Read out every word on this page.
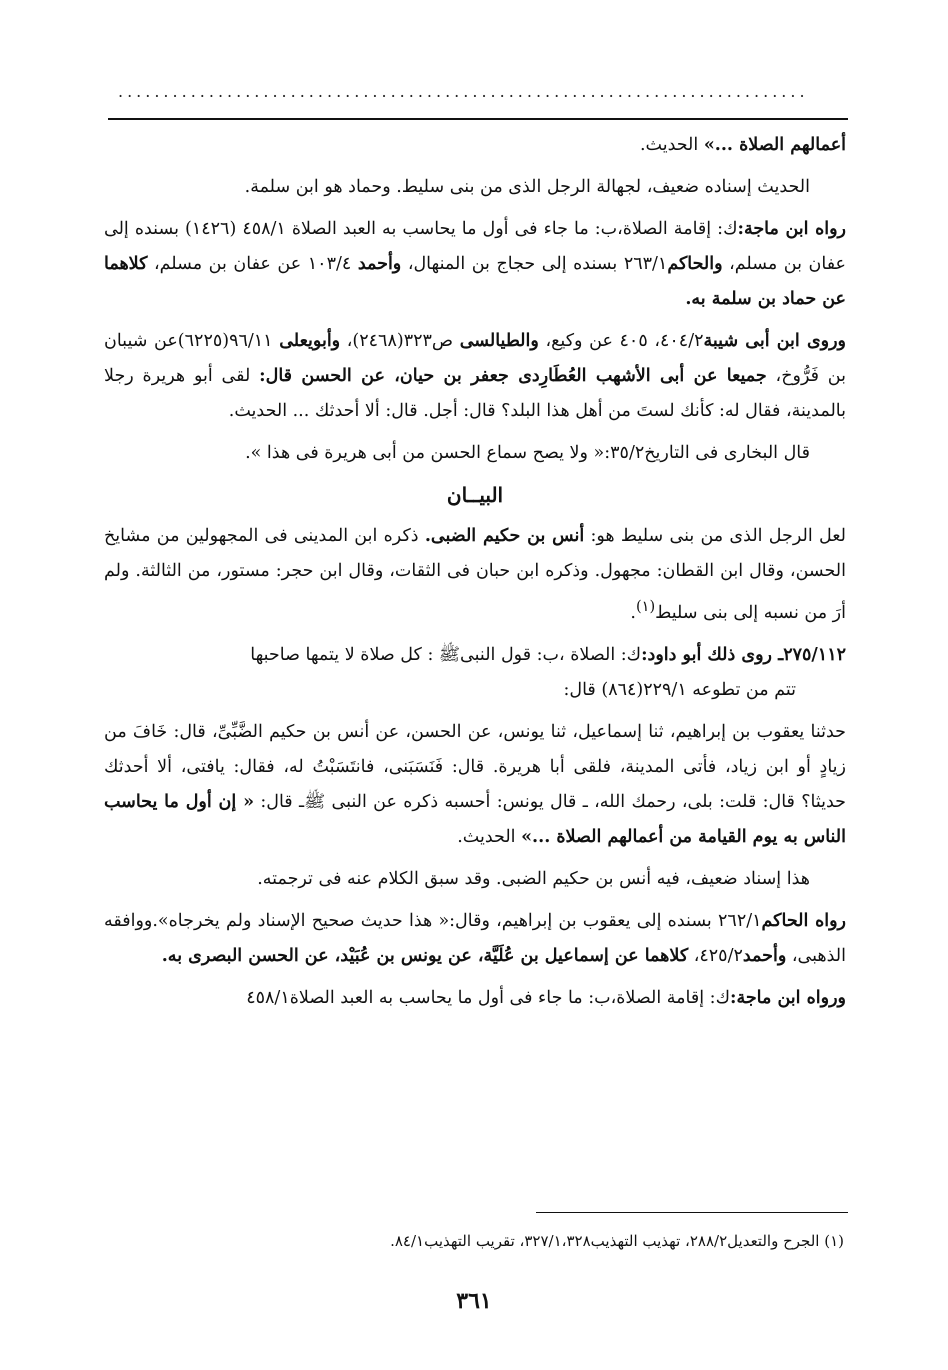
............................................................................

أعمالهم الصلاة ...» الحديث.

الحديث إسناده ضعيف، لجهالة الرجل الذى من بنى سليط. وحماد هو ابن سلمة.

رواه ابن ماجة:ك: إقامة الصلاة،ب: ما جاء فى أول ما يحاسب به العبد الصلاة ٤٥٨/١ (١٤٢٦) بسنده إلى عفان بن مسلم، والحاكم٢٦٣/١ بسنده إلى حجاج بن المنهال، وأحمد ١٠٣/٤ عن عفان بن مسلم، كلاهما عن حماد بن سلمة به.

وروى ابن أبى شيبة٤٠٤/٢، ٤٠٥ عن وكيع، والطيالسى ص٣٢٣(٢٤٦٨)، وأبويعلى ٩٦/١١(٦٢٢٥)عن شيبان بن فَرُّوخ، جميعا عن أبى الأشهب العُطَارِدى جعفر بن حيان، عن الحسن قال: لقى أبو هريرة رجلا بالمدينة، فقال له: كأنك لستَ من أهل هذا البلد؟ قال: أجل. قال: ألا أحدثك ... الحديث.

قال البخارى فى التاريخ٣٥/٢:« ولا يصح سماع الحسن من أبى هريرة فى هذا ».

البيــان

لعل الرجل الذى من بنى سليط هو: أنس بن حكيم الضبى. ذكره ابن المدينى فى المجهولين من مشايخ الحسن، وقال ابن القطان: مجهول. وذكره ابن حبان فى الثقات، وقال ابن حجر: مستور، من الثالثة. ولم أرَ من نسبه إلى بنى سليط$^{(١)}$.

٢٧٥/١١٢ـ روى ذلك أبو داود:ك: الصلاة ،ب: قول النبىﷺ : كل صلاة لا يتمها صاحبها

تتم من تطوعه ٢٢٩/١(٨٦٤) قال:

حدثنا يعقوب بن إبراهيم، ثنا إسماعيل، ثنا يونس، عن الحسن، عن أنس بن حكيم الضَّبِّىِّ، قال: خَافَ من زيادٍ أو ابن زياد، فأتى المدينة، فلقى أبا هريرة. قال: فَنَسَبَنى، فانتَسَبْتُ له، فقال: يافتى، ألا أحدثك حديثا؟ قال: قلت: بلى، رحمك الله، ـ قال يونس: أحسبه ذكره عن النبى ﷺـ قال: « إن أول ما يحاسب الناس به يوم القيامة من أعمالهم الصلاة ...» الحديث.

هذا إسناد ضعيف، فيه أنس بن حكيم الضبى. وقد سبق الكلام عنه فى ترجمته.

رواه الحاكم٢٦٢/١ بسنده إلى يعقوب بن إبراهيم، وقال:« هذا حديث صحيح الإسناد ولم يخرجاه».ووافقه الذهبى، وأحمد٤٢٥/٢، كلاهما عن إسماعيل بن عُلَيَّة، عن يونس بن عُبَيْد، عن الحسن البصرى به.

ورواه ابن ماجة:ك: إقامة الصلاة،ب: ما جاء فى أول ما يحاسب به العبد الصلاة٤٥٨/١

(١) الجرح والتعديل٢٨٨/٢، تهذيب التهذيب٣٢٧/١،٣٢٨، تقريب التهذيب٨٤/١.
٣٦١
